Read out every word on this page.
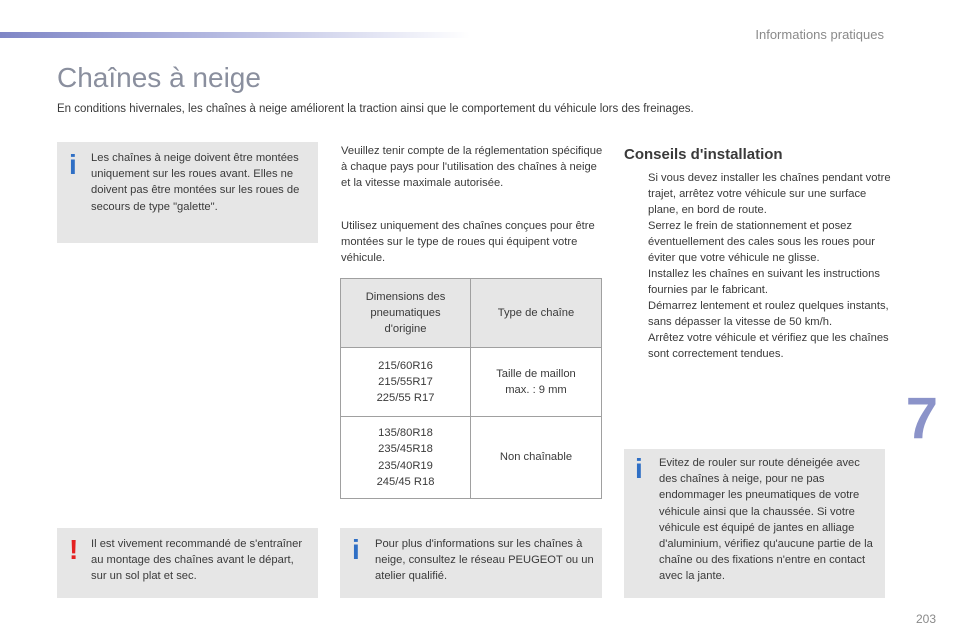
Informations pratiques
Chaînes à neige

En conditions hivernales, les chaînes à neige améliorent la traction ainsi que le comportement du véhicule lors des freinages.

i Les chaînes à neige doivent être montées uniquement sur les roues avant. Elles ne doivent pas être montées sur les roues de secours de type "galette".

! Il est vivement recommandé de s'entraîner au montage des chaînes avant le départ, sur un sol plat et sec.

Veuillez tenir compte de la réglementation spécifique à chaque pays pour l'utilisation des chaînes à neige et la vitesse maximale autorisée.

Utilisez uniquement des chaînes conçues pour être montées sur le type de roues qui équipent votre véhicule.

Dimensions des pneumatiques d'origine	Type de chaîne

215/60R16
215/55R17
225/55 R17	Taille de maillon max. : 9 mm

135/80R18
235/45R18
235/40R19
245/45 R18	Non chaînable
i Pour plus d'informations sur les chaînes à neige, consultez le réseau PEUGEOT ou un atelier qualifié.

Conseils d'installation
Si vous devez installer les chaînes pendant votre trajet, arrêtez votre véhicule sur une surface plane, en bord de route.
Serrez le frein de stationnement et posez éventuellement des cales sous les roues pour éviter que votre véhicule ne glisse.
Installez les chaînes en suivant les instructions fournies par le fabricant.
Démarrez lentement et roulez quelques instants, sans dépasser la vitesse de 50 km/h.
Arrêtez votre véhicule et vérifiez que les chaînes sont correctement tendues.
i Evitez de rouler sur route déneigée avec des chaînes à neige, pour ne pas endommager les pneumatiques de votre véhicule ainsi que la chaussée. Si votre véhicule est équipé de jantes en alliage d'aluminium, vérifiez qu'aucune partie de la chaîne ou des fixations n'entre en contact avec la jante.

7
203
